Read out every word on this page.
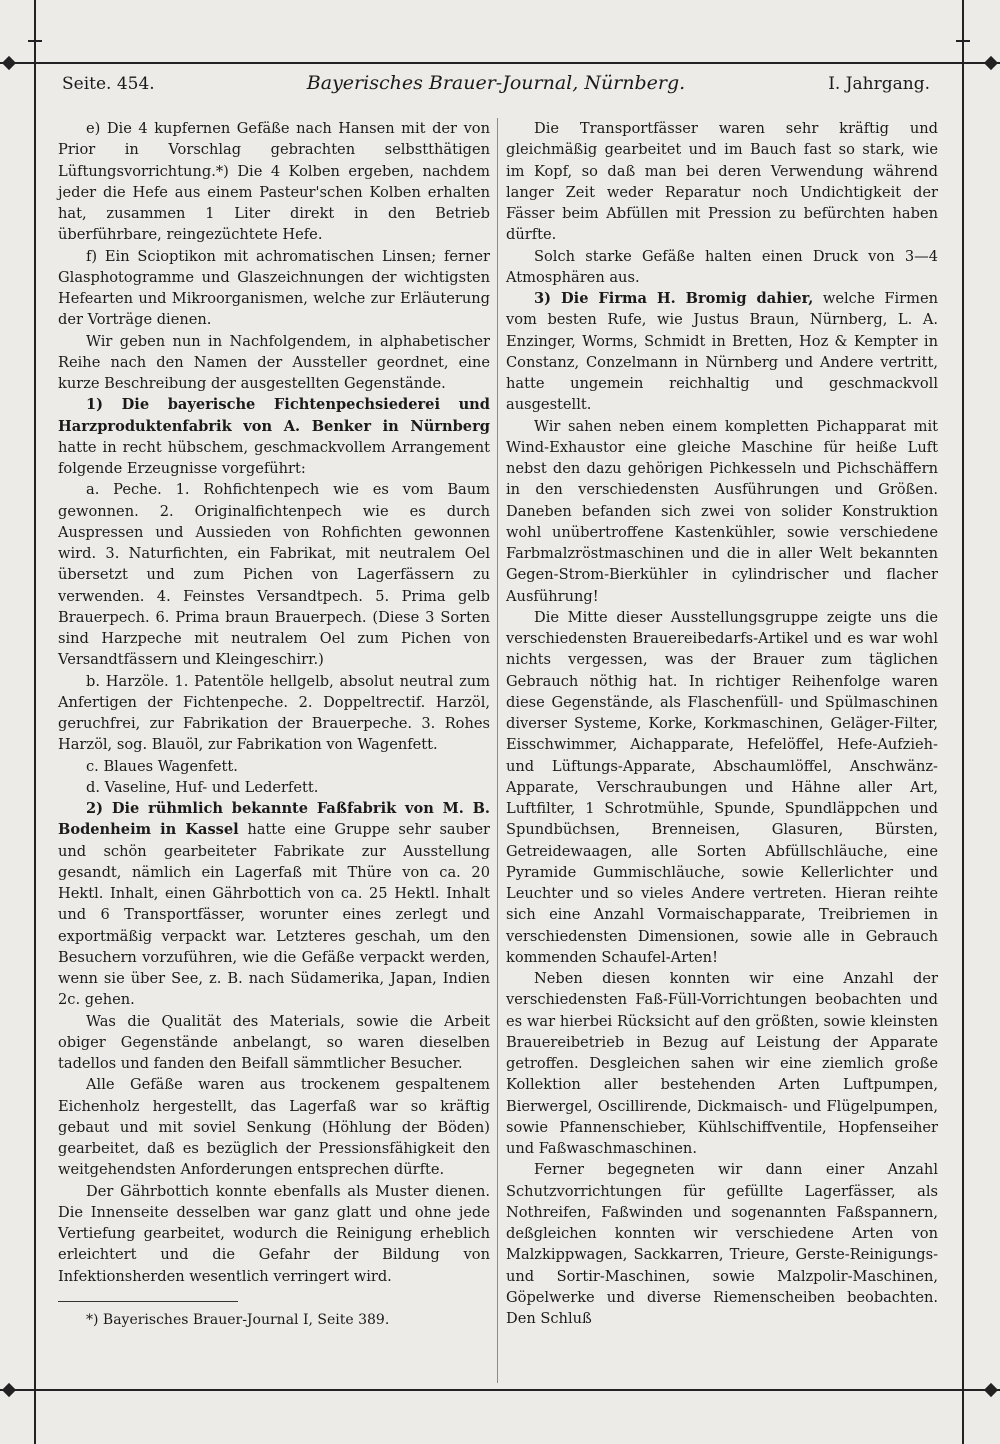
Seite. 454.	Bayerisches Brauer-Journal, Nürnberg.	I. Jahrgang.

e) Die 4 kupfernen Gefäße nach Hansen mit der von Prior in Vorschlag gebrachten selbstthätigen Lüftungsvorrichtung.*) Die 4 Kolben ergeben, nachdem jeder die Hefe aus einem Pasteur'schen Kolben erhalten hat, zusammen 1 Liter direkt in den Betrieb überführbare, reingezüchtete Hefe.

f) Ein Scioptikon mit achromatischen Linsen; ferner Glasphotogramme und Glaszeichnungen der wichtigsten Hefearten und Mikroorganismen, welche zur Erläuterung der Vorträge dienen.

Wir geben nun in Nachfolgendem, in alphabetischer Reihe nach den Namen der Aussteller geordnet, eine kurze Beschreibung der ausgestellten Gegenstände.

1) Die bayerische Fichtenpechsiederei und Harzproduktenfabrik von A. Benker in Nürnberg hatte in recht hübschem, geschmackvollem Arrangement folgende Erzeugnisse vorgeführt:

a. Peche. 1. Rohfichtenpech wie es vom Baum gewonnen. 2. Originalfichtenpech wie es durch Auspressen und Aussieden von Rohfichten gewonnen wird. 3. Naturfichten, ein Fabrikat, mit neutralem Oel übersetzt und zum Pichen von Lagerfässern zu verwenden. 4. Feinstes Versandtpech. 5. Prima gelb Brauerpech. 6. Prima braun Brauerpech. (Diese 3 Sorten sind Harzpeche mit neutralem Oel zum Pichen von Versandtfässern und Kleingeschirr.)

b. Harzöle. 1. Patentöle hellgelb, absolut neutral zum Anfertigen der Fichtenpeche. 2. Doppeltrectif. Harzöl, geruchfrei, zur Fabrikation der Brauerpeche. 3. Rohes Harzöl, sog. Blauöl, zur Fabrikation von Wagenfett.

c. Blaues Wagenfett.

d. Vaseline, Huf- und Lederfett.

2) Die rühmlich bekannte Faßfabrik von M. B. Bodenheim in Kassel hatte eine Gruppe sehr sauber und schön gearbeiteter Fabrikate zur Ausstellung gesandt, nämlich ein Lagerfaß mit Thüre von ca. 20 Hektl. Inhalt, einen Gährbottich von ca. 25 Hektl. Inhalt und 6 Transportfässer, worunter eines zerlegt und exportmäßig verpackt war. Letzteres geschah, um den Besuchern vorzuführen, wie die Gefäße verpackt werden, wenn sie über See, z. B. nach Südamerika, Japan, Indien 2c. gehen.

Was die Qualität des Materials, sowie die Arbeit obiger Gegenstände anbelangt, so waren dieselben tadellos und fanden den Beifall sämmtlicher Besucher.

Alle Gefäße waren aus trockenem gespaltenem Eichenholz hergestellt, das Lagerfaß war so kräftig gebaut und mit soviel Senkung (Höhlung der Böden) gearbeitet, daß es bezüglich der Pressionsfähigkeit den weitgehendsten Anforderungen entsprechen dürfte.

Der Gährbottich konnte ebenfalls als Muster dienen. Die Innenseite desselben war ganz glatt und ohne jede Vertiefung gearbeitet, wodurch die Reinigung erheblich erleichtert und die Gefahr der Bildung von Infektionsherden wesentlich verringert wird.

*) Bayerisches Brauer-Journal I, Seite 389.

Die Transportfässer waren sehr kräftig und gleichmäßig gearbeitet und im Bauch fast so stark, wie im Kopf, so daß man bei deren Verwendung während langer Zeit weder Reparatur noch Undichtigkeit der Fässer beim Abfüllen mit Pression zu befürchten haben dürfte.

Solch starke Gefäße halten einen Druck von 3—4 Atmosphären aus.

3) Die Firma H. Bromig dahier, welche Firmen vom besten Rufe, wie Justus Braun, Nürnberg, L. A. Enzinger, Worms, Schmidt in Bretten, Hoz & Kempter in Constanz, Conzelmann in Nürnberg und Andere vertritt, hatte ungemein reichhaltig und geschmackvoll ausgestellt.

Wir sahen neben einem kompletten Pichapparat mit Wind-Exhaustor eine gleiche Maschine für heiße Luft nebst den dazu gehörigen Pichkesseln und Pichschäffern in den verschiedensten Ausführungen und Größen. Daneben befanden sich zwei von solider Konstruktion wohl unübertroffene Kastenkühler, sowie verschiedene Farbmalzröstmaschinen und die in aller Welt bekannten Gegen-Strom-Bierkühler in cylindrischer und flacher Ausführung!

Die Mitte dieser Ausstellungsgruppe zeigte uns die verschiedensten Brauereibedarfs-Artikel und es war wohl nichts vergessen, was der Brauer zum täglichen Gebrauch nöthig hat. In richtiger Reihenfolge waren diese Gegenstände, als Flaschenfüll- und Spülmaschinen diverser Systeme, Korke, Korkmaschinen, Geläger-Filter, Eisschwimmer, Aichapparate, Hefelöffel, Hefe-Aufzieh- und Lüftungs-Apparate, Abschaumlöffel, Anschwänz-Apparate, Verschraubungen und Hähne aller Art, Luftfilter, 1 Schrotmühle, Spunde, Spundläppchen und Spundbüchsen, Brenneisen, Glasuren, Bürsten, Getreidewaagen, alle Sorten Abfüllschläuche, eine Pyramide Gummischläuche, sowie Kellerlichter und Leuchter und so vieles Andere vertreten. Hieran reihte sich eine Anzahl Vormaischapparate, Treibriemen in verschiedensten Dimensionen, sowie alle in Gebrauch kommenden Schaufel-Arten!

Neben diesen konnten wir eine Anzahl der verschiedensten Faß-Füll-Vorrichtungen beobachten und es war hierbei Rücksicht auf den größten, sowie kleinsten Brauereibetrieb in Bezug auf Leistung der Apparate getroffen. Desgleichen sahen wir eine ziemlich große Kollektion aller bestehenden Arten Luftpumpen, Bierwergel, Oscillirende, Dickmaisch- und Flügelpumpen, sowie Pfannenschieber, Kühlschiffventile, Hopfenseiher und Faßwaschmaschinen.

Ferner begegneten wir dann einer Anzahl Schutzvorrichtungen für gefüllte Lagerfässer, als Nothreifen, Faßwinden und sogenannten Faßspannern, deßgleichen konnten wir verschiedene Arten von Malzkippwagen, Sackkarren, Trieure, Gerste-Reinigungs- und Sortir-Maschinen, sowie Malzpolir-Maschinen, Göpelwerke und diverse Riemenscheiben beobachten. Den Schluß
